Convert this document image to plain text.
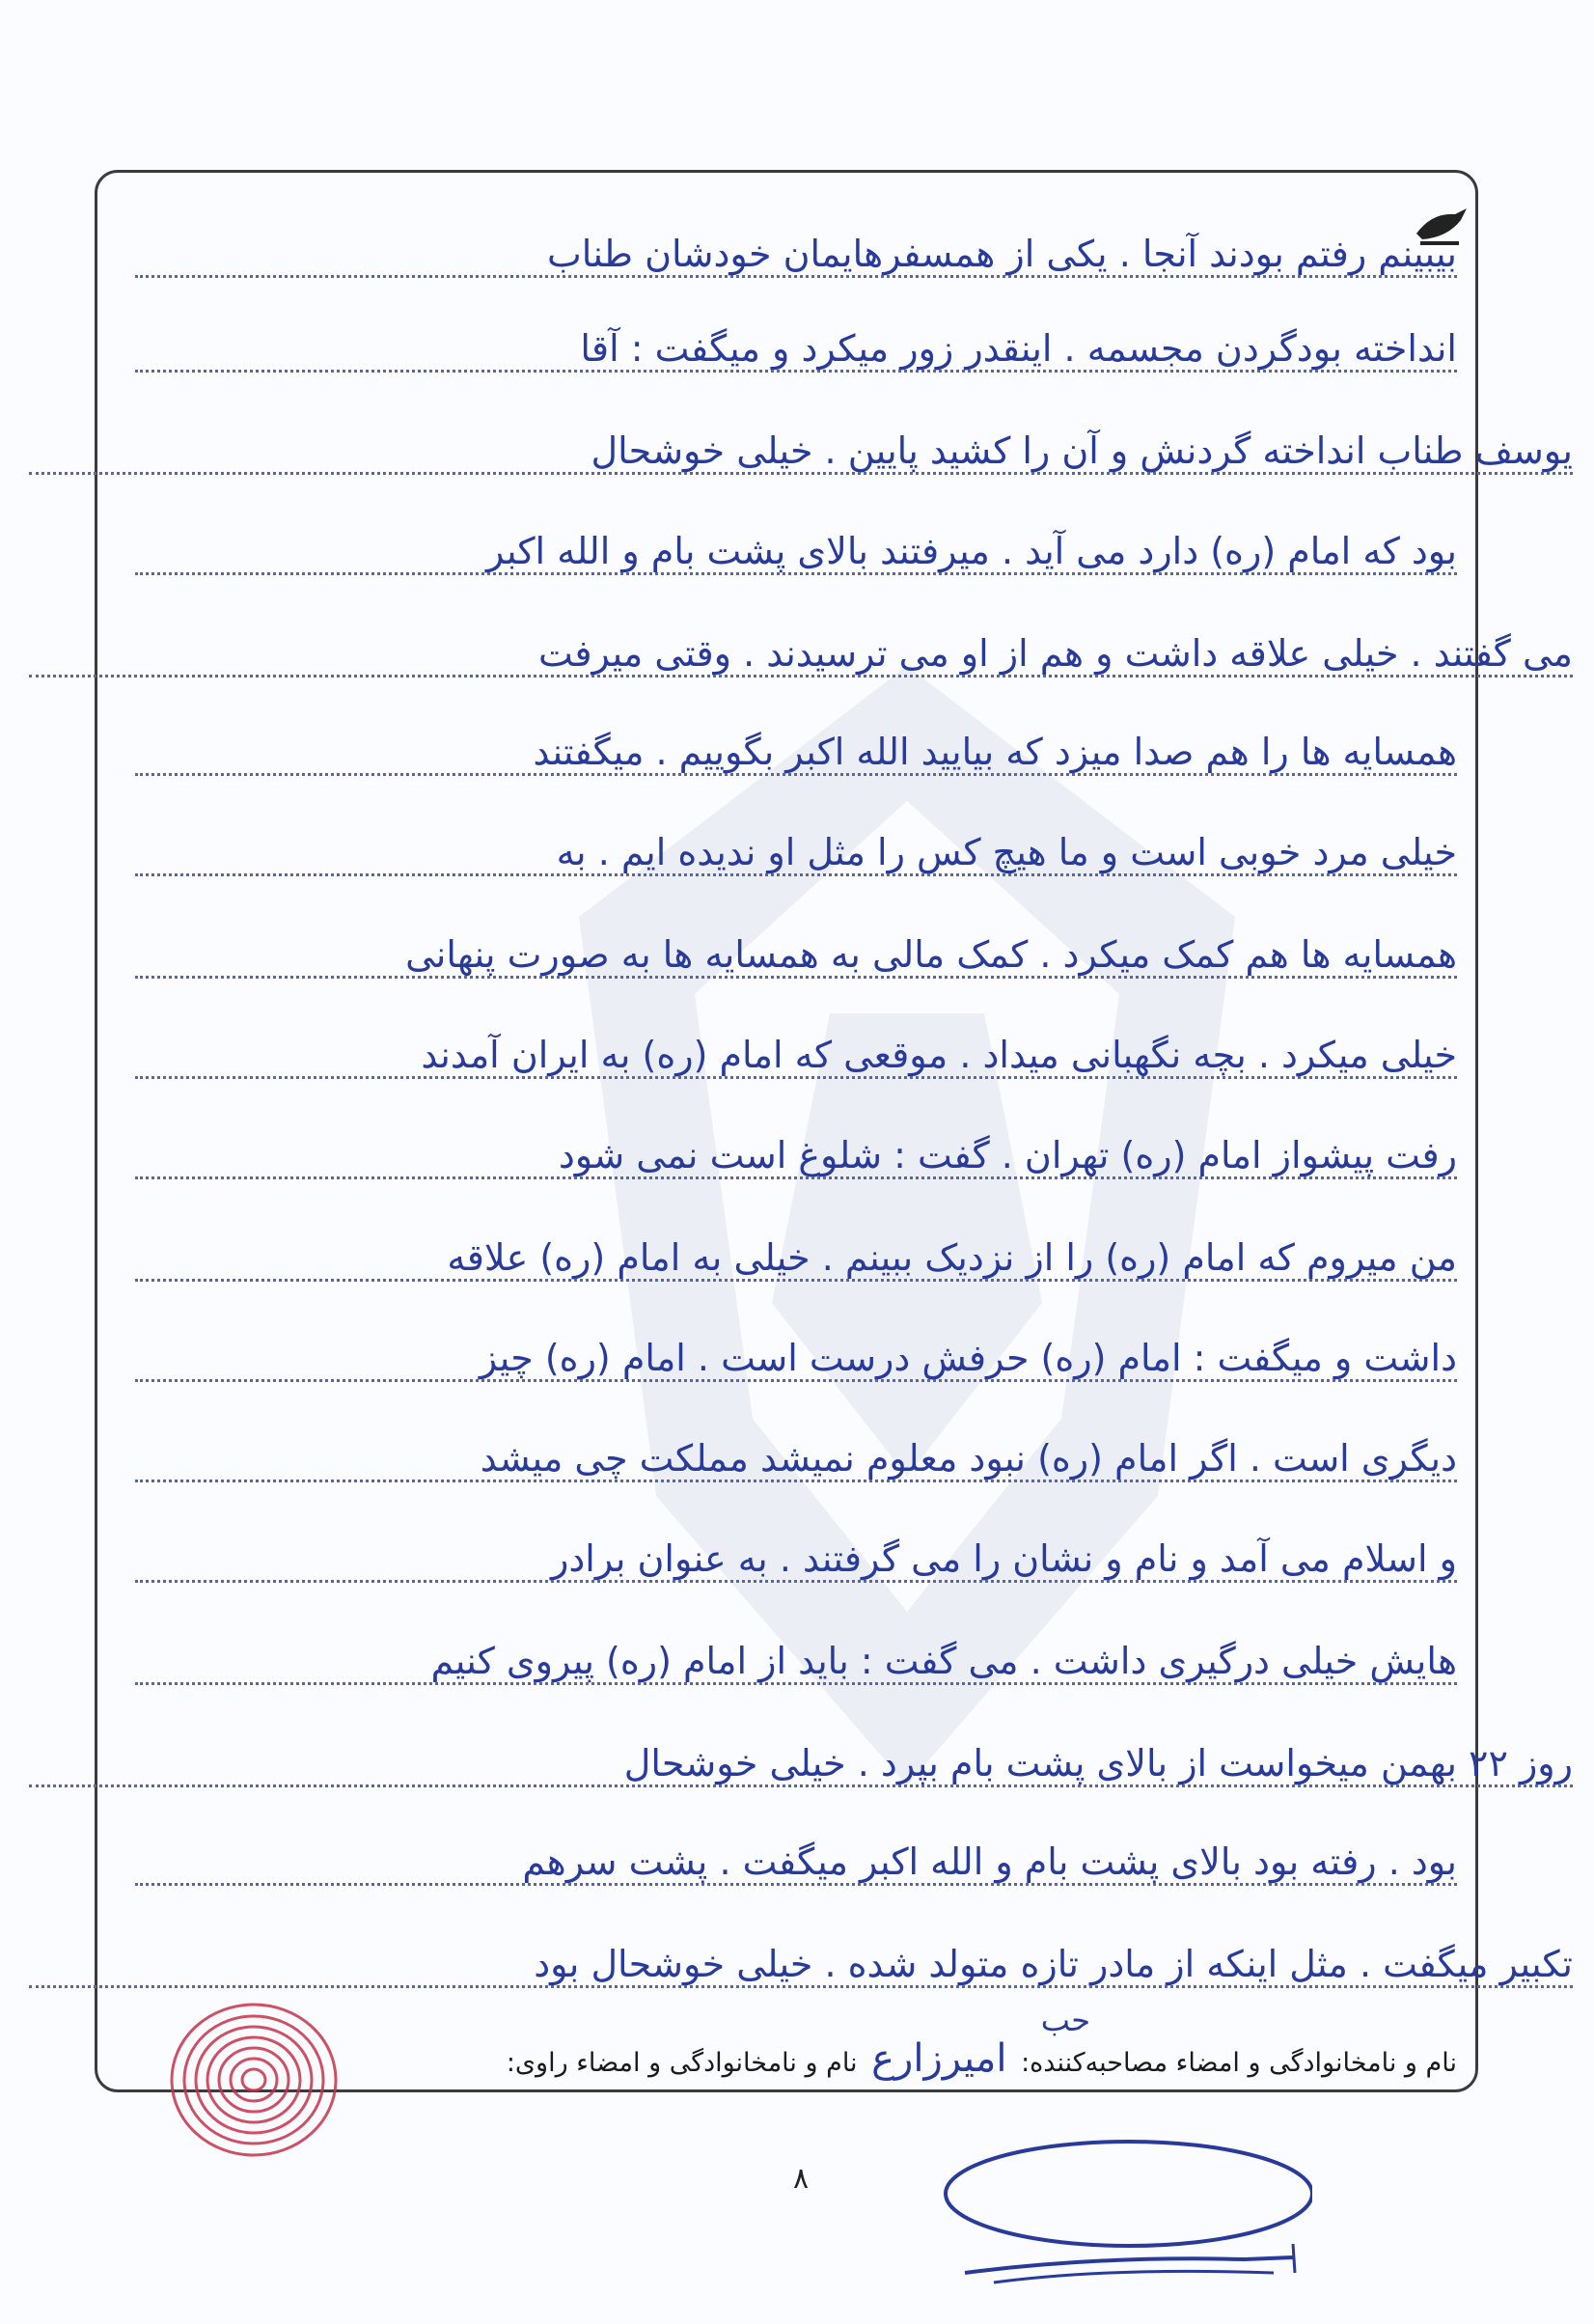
بیبینم رفتم بودند آنجا . یکی از همسفرهایمان خودشان طناب
انداخته بودگردن مجسمه . اینقدر زور میکرد و میگفت : آقا
یوسف طناب انداخته گردنش و آن را کشید پایین . خیلی خوشحال
بود که امام (ره) دارد می آید . میرفتند بالای پشت بام و الله اکبر
می گفتند . خیلی علاقه داشت و هم از او می ترسیدند . وقتی میرفت
همسایه ها را هم صدا میزد که بیایید الله اکبر بگوییم . میگفتند
خیلی مرد خوبی است و ما هیچ کس را مثل او ندیده ایم . به
همسایه ها هم کمک میکرد . کمک مالی به همسایه ها به صورت پنهانی
خیلی میکرد . بچه نگهبانی میداد . موقعی که امام (ره) به ایران آمدند
رفت پیشواز امام (ره) تهران . گفت : شلوغ است نمی شود
من میروم که امام (ره) را از نزدیک ببینم . خیلی به امام (ره) علاقه
داشت و میگفت : امام (ره) حرفش درست است . امام (ره) چیز
دیگری است . اگر امام (ره) نبود معلوم نمیشد مملکت چی میشد
و اسلام می آمد و نام و نشان را می گرفتند . به عنوان برادر
هایش خیلی درگیری داشت . می گفت : باید از امام (ره) پیروی کنیم
روز ۲۲ بهمن میخواست از بالای پشت بام بپرد . خیلی خوشحال
بود . رفته بود بالای پشت بام و الله اکبر میگفت . پشت سرهم
تکبیر میگفت . مثل اینکه از مادر تازه متولد شده . خیلی خوشحال بود
نام و نامخانوادگی و امضاء مصاحبه‌کننده: امیرزارع
حب
نام و نامخانوادگی و امضاء راوی:
۸
